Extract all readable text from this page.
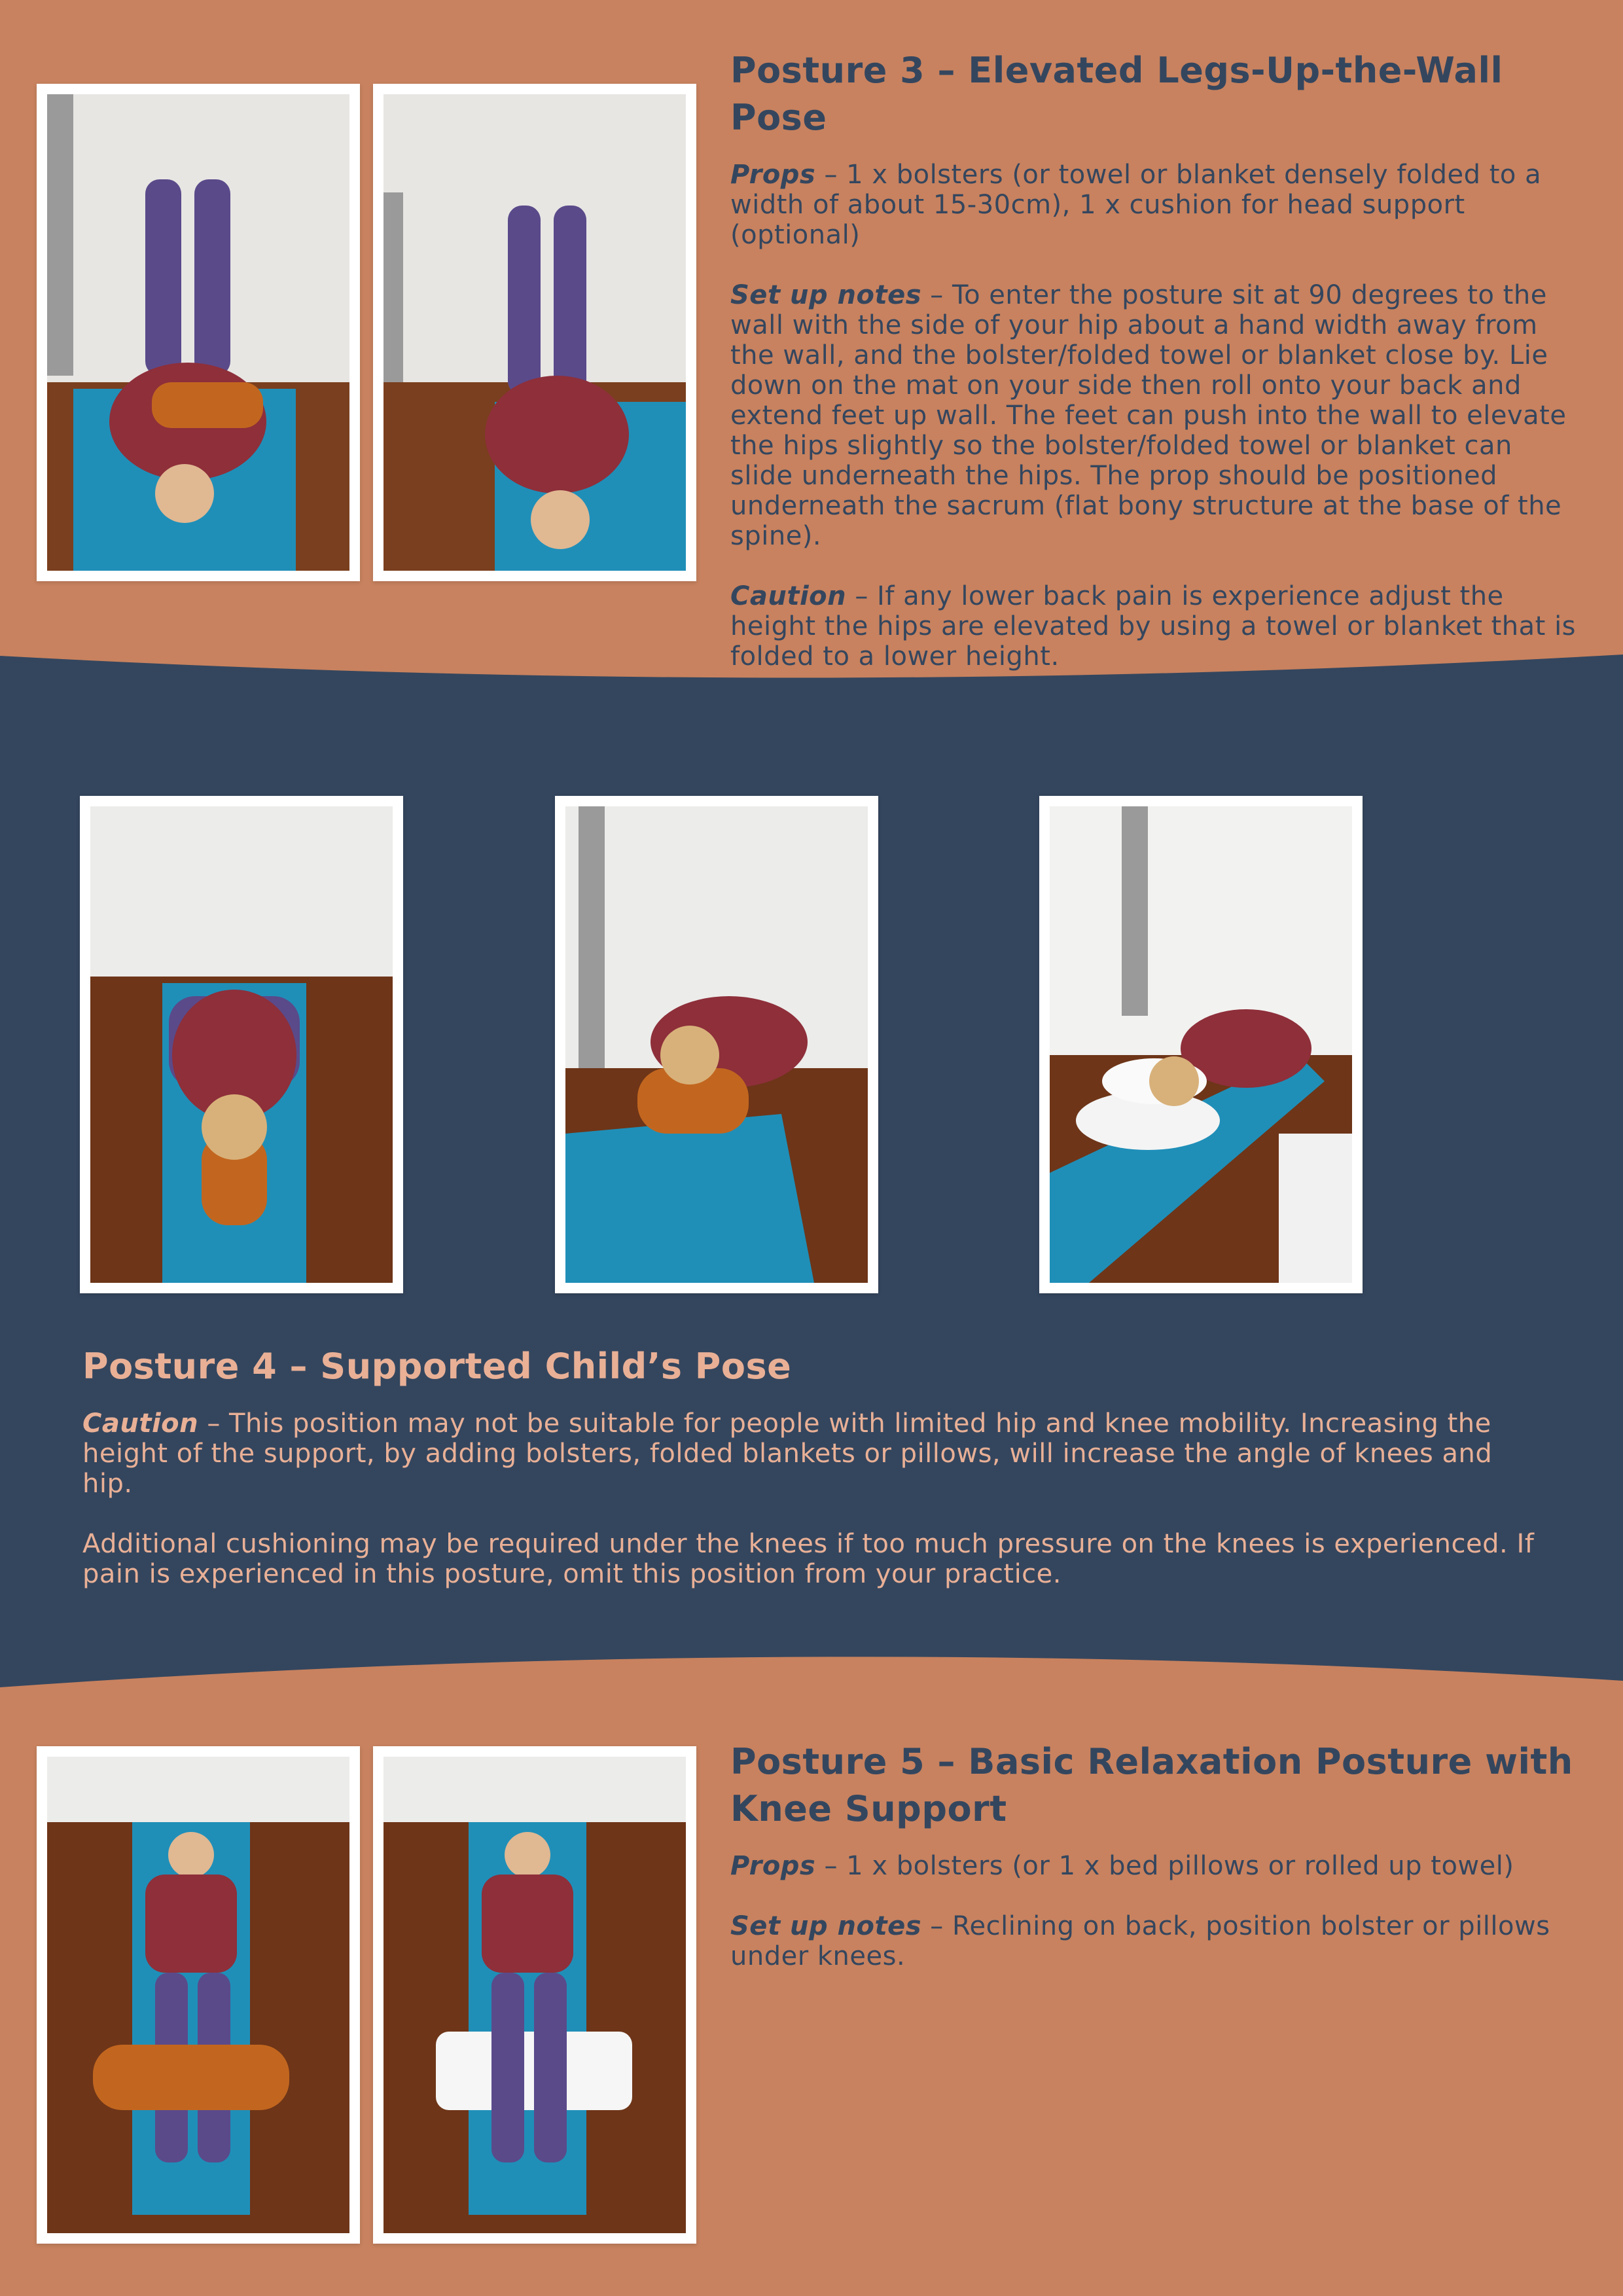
Posture 3 – Elevated Legs-Up-the-Wall Pose

Props – 1 x bolsters (or towel or blanket densely folded to a width of about 15-30cm), 1 x cushion for head support (optional)

Set up notes – To enter the posture sit at 90 degrees to the wall with the side of your hip about a hand width away from the wall, and the bolster/folded towel or blanket close by. Lie down on the mat on your side then roll onto your back and extend feet up wall. The feet can push into the wall to elevate the hips slightly so the bolster/folded towel or blanket can slide underneath the hips. The prop should be positioned underneath the sacrum (flat bony structure at the base of the spine).

Caution – If any lower back pain is experience adjust the height the hips are elevated by using a towel or blanket that is folded to a lower height.

Posture 4 – Supported Child’s Pose

Caution – This position may not be suitable for people with limited hip and knee mobility. Increasing the height of the support, by adding bolsters, folded blankets or pillows, will increase the angle of knees and hip.

Additional cushioning may be required under the knees if too much pressure on the knees is experienced. If pain is experienced in this posture, omit this position from your practice.

Posture 5 – Basic Relaxation Posture with Knee Support

Props – 1 x bolsters (or 1 x bed pillows or rolled up towel)

Set up notes – Reclining on back, position bolster or pillows under knees.
